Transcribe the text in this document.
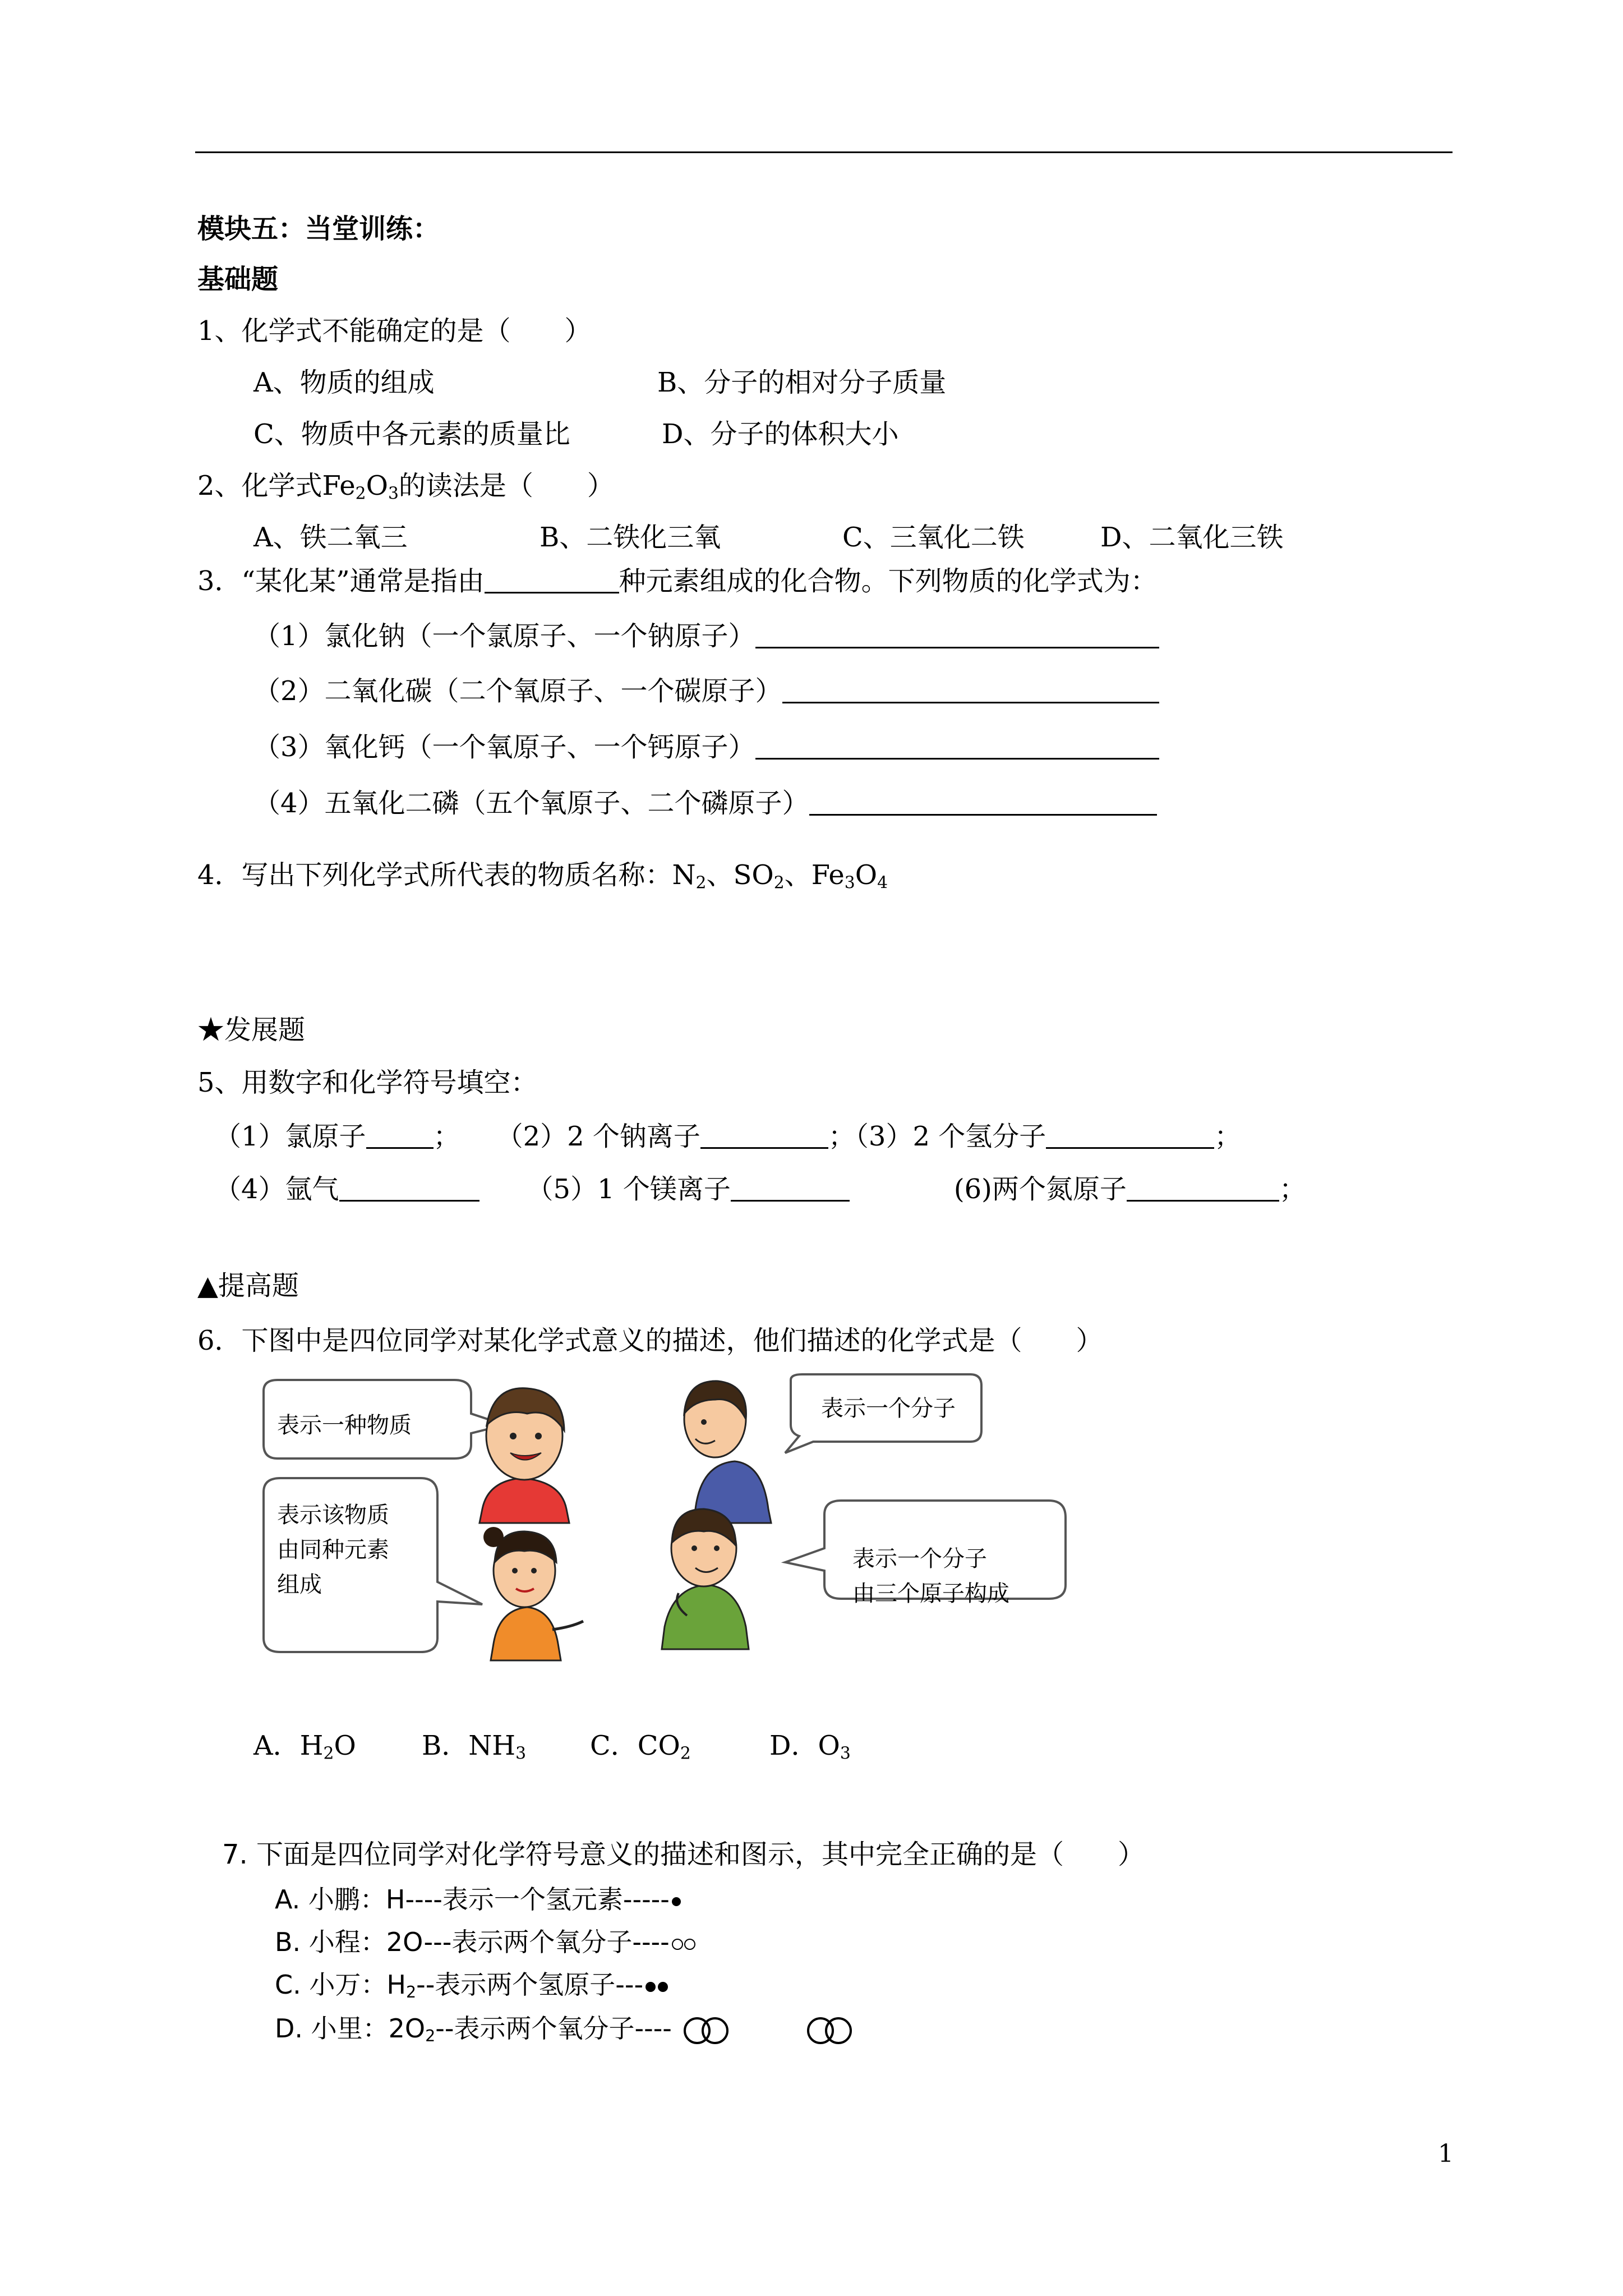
模块五：当堂训练：
基础题
1、化学式不能确定的是（　　）
A、物质的组成	B、分子的相对分子质量
C、物质中各元素的质量比	D、分子的体积大小
2、化学式$Fe_2O_3$的读法是（　　）
A、铁二氧三	B、二铁化三氧	C、三氧化二铁	D、二氧化三铁
3．“某化某”通常是指由	种元素组成的化合物。下列物质的化学式为：
（1）氯化钠（一个氯原子、一个钠原子）
（2）二氧化碳（二个氧原子、一个碳原子）
（3）氧化钙（一个氧原子、一个钙原子）
（4）五氧化二磷（五个氧原子、二个磷原子）
4．写出下列化学式所代表的物质名称：$N_2$、$SO_2$、$Fe_3O_4$
★发展题
5、用数字和化学符号填空：
（1）氯原子	； （2）2 个钠离子	；（3）2 个氢分子	；
（4）氩气	（5）1 个镁离子	(6)两个氮原子	；
▲提高题
6．下图中是四位同学对某化学式意义的描述，他们描述的化学式是（　　）
表示一种物质
表示一个分子
表示该物质
由同种元素
组成
表示一个分子
由三个原子构成
A．$H_2O$ B．$NH_3$ C．$CO_2$	D．$O_3$
7. 下面是四位同学对化学符号意义的描述和图示，其中完全正确的是（　　）
A. 小鹏：H----表示一个氢元素-----
B. 小程：2O---表示两个氧分子----
C. 小万：$H_2--$表示两个氢原子---
D. 小里：$2O_2--$表示两个氧分子----
1
